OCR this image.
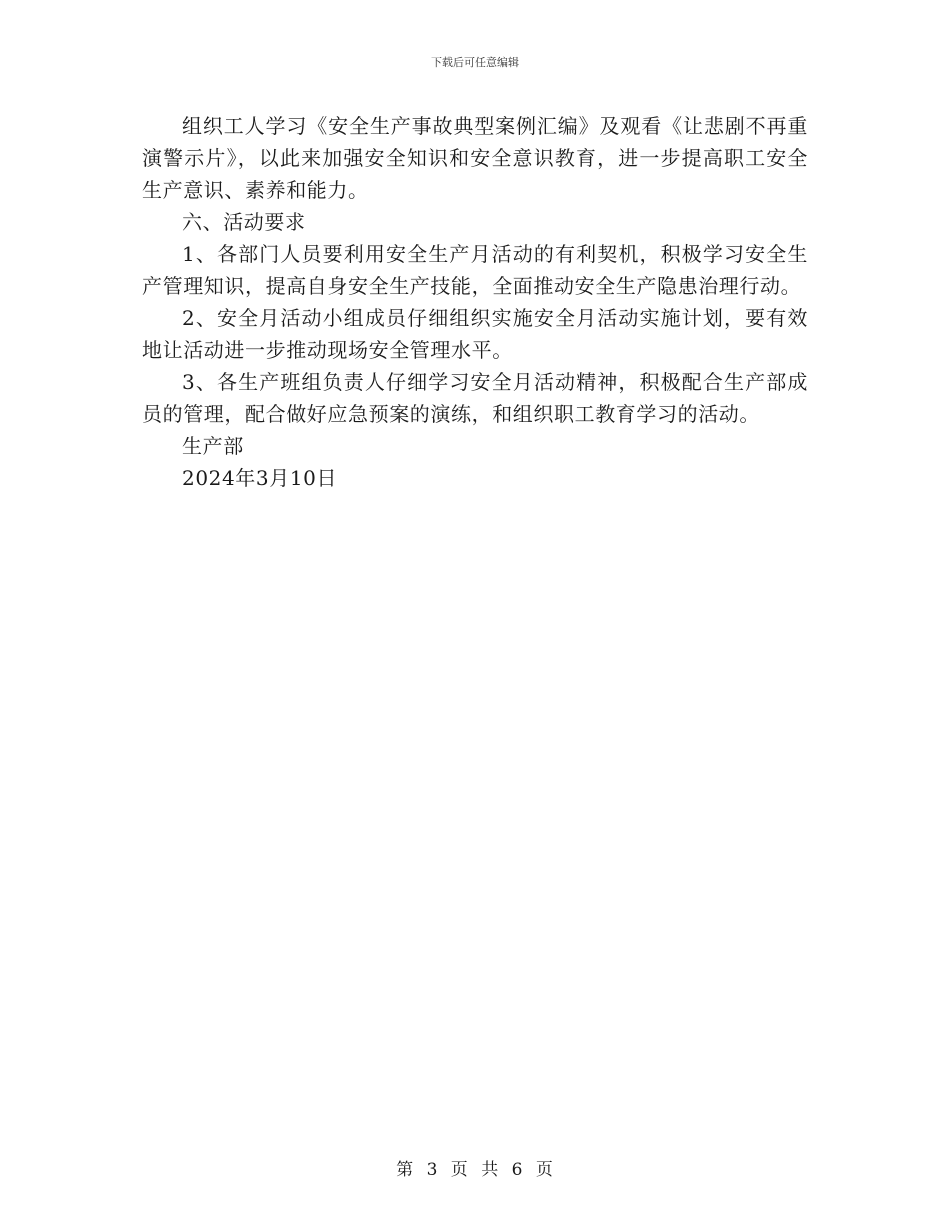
下载后可任意编辑

组织工人学习《安全生产事故典型案例汇编》及观看《让悲剧不再重演警示片》，以此来加强安全知识和安全意识教育，进一步提高职工安全生产意识、素养和能力。

六、活动要求

1、各部门人员要利用安全生产月活动的有利契机，积极学习安全生产管理知识，提高自身安全生产技能，全面推动安全生产隐患治理行动。

2、安全月活动小组成员仔细组织实施安全月活动实施计划，要有效地让活动进一步推动现场安全管理水平。

3、各生产班组负责人仔细学习安全月活动精神，积极配合生产部成员的管理，配合做好应急预案的演练，和组织职工教育学习的活动。

生产部

2024年3月10日

第 3 页 共 6 页
